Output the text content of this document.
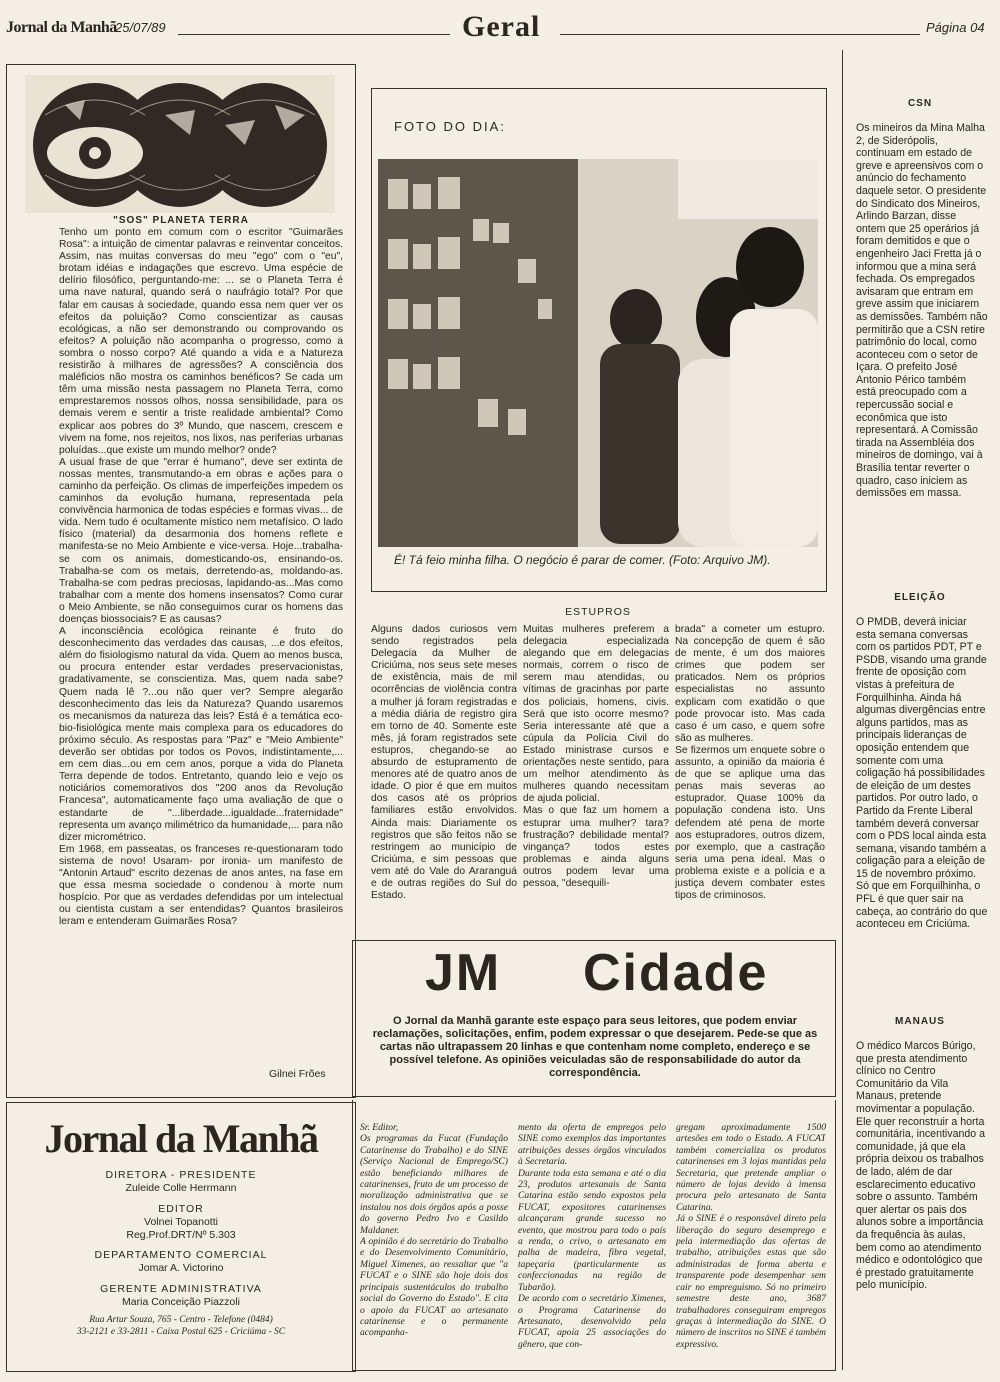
Jornal da Manhã
25/07/89	Geral	Página 04
"SOS" PLANETA TERRA
Tenho um ponto em comum com o escritor "Guimarães Rosa": a intuição de cimentar palavras e reinventar conceitos. Assim, nas muitas conversas do meu "ego" com o "eu", brotam idéias e indagações que escrevo. Uma espécie de delírio filosófico, perguntando-me: ... se o Planeta Terra é uma nave natural, quando será o naufrágio total? Por que falar em causas à sociedade, quando essa nem quer ver os efeitos da poluição? Como conscientizar as causas ecológicas, a não ser demonstrando ou comprovando os efeitos? A poluição não acompanha o progresso, como a sombra o nosso corpo? Até quando a vida e a Natureza resistirão à milhares de agressões? A consciência dos maléficios não mostra os caminhos benéficos? Se cada um têm uma missão nesta passagem no Planeta Terra, como emprestaremos nossos olhos, nossa sensibilidade, para os demais verem e sentir a triste realidade ambiental? Como explicar aos pobres do 3º Mundo, que nascem, crescem e vivem na fome, nos rejeitos, nos lixos, nas periferias urbanas poluídas...que existe um mundo melhor? onde?
A usual frase de que "errar é humano", deve ser extinta de nossas mentes, transmutando-a em obras e ações para o caminho da perfeição. Os climas de imperfeições impedem os caminhos da evolução humana, representada pela convivência harmonica de todas espécies e formas vivas... de vida. Nem tudo é ocultamente místico nem metafísico. O lado físico (material) da desarmonia dos homens reflete e manifesta-se no Meio Ambiente e vice-versa. Hoje...trabalha-se com os animais, domesticando-os, ensinando-os. Trabalha-se com os metais, derretendo-as, moldando-as. Trabalha-se com pedras preciosas, lapidando-as...Mas como trabalhar com a mente dos homens insensatos? Como curar o Meio Ambiente, se não conseguimos curar os homens das doenças biossociais? E as causas?
A inconsciência ecológica reinante é fruto do desconhecimento das verdades das causas, ...e dos efeitos, além do fisiologismo natural da vida. Quem ao menos busca, ou procura entender estar verdades preservacionistas, gradativamente, se conscientiza. Mas, quem nada sabe? Quem nada lê ?...ou não quer ver? Sempre alegarão desconhecimento das leis da Natureza? Quando usaremos os mecanismos da natureza das leis? Está é a temática eco-bio-fisiológica mente mais complexa para os educadores do próximo século. As respostas para "Paz" e "Meio Ambiente" deverão ser obtidas por todos os Povos, indistintamente,... em cem dias...ou em cem anos, porque a vida do Planeta Terra depende de todos. Entretanto, quando leio e vejo os noticiários comemorativos dos "200 anos da Revolução Francesa", automaticamente faço uma avaliação de que o estandarte de "...liberdade...igualdade...fraternidade" representa um avanço milimétrico da humanidade,... para não dizer micrométrico.
Em 1968, em passeatas, os franceses re-questionaram todo sistema de novo! Usaram- por ironia- um manifesto de "Antonin Artaud" escrito dezenas de anos antes, na fase em que essa mesma sociedade o condenou à morte num hospício. Por que as verdades defendidas por um intelectual ou cientista custam a ser entendidas? Quantos brasileiros leram e entenderam Guimarães Rosa?
Gilnei Frões
Jornal da Manhã
DIRETORA - PRESIDENTE
Zuleide Colle Herrmann
EDITOR
Volnei Topanotti
Reg.Prof.DRT/Nº 5.303
DEPARTAMENTO COMERCIAL
Jomar A. Victorino
GERENTE ADMINISTRATIVA
Maria Conceição Piazzoli
Rua Artur Souza, 765 - Centro - Telefone (0484)
33-2121 e 33-2811 - Caixa Postal 625 - Criciúma - SC
FOTO DO DIA:
É! Tá feio minha filha. O negócio é parar de comer. (Foto: Arquivo JM).
ESTUPROS
Alguns dados curiosos vem sendo registrados pela Delegacia da Mulher de Criciúma, nos seus sete meses de existência, mais de mil ocorrências de violência contra a mulher já foram registradas e a média diária de registro gira em torno de 40. Somente este mês, já foram registrados sete estupros, chegando-se ao absurdo de estupramento de menores até de quatro anos de idade. O pior é que em muitos dos casos até os próprios familiares estão envolvidos. Ainda mais: Diariamente os registros que são feitos não se restringem ao município de Criciúma, e sim pessoas que vem até do Vale do Araranguá e de outras regiões do Sul do Estado.
Muitas mulheres preferem a delegacia especializada alegando que em delegacias normais, correm o risco de serem mau atendidas, ou vítimas de gracinhas por parte dos policiais, homens, civis. Será que isto ocorre mesmo? Seria interessante até que a cúpula da Polícia Civil do Estado ministrase cursos e orientações neste sentido, para um melhor atendimento às mulheres quando necessitam de ajuda policial.
Mas o que faz um homem a estuprar uma mulher? tara? frustração? debilidade mental? vingança? todos estes problemas e ainda alguns outros podem levar uma pessoa, "desequili-
brada" a cometer um estupro. Na concepção de quem é são de mente, é um dos maiores crimes que podem ser praticados. Nem os próprios especialistas no assunto explicam com exatidão o que pode provocar isto. Mas cada caso é um caso, e quem sofre são as mulheres.
Se fizermos um enquete sobre o assunto, a opinião da maioria é de que se aplique uma das penas mais severas ao estuprador. Quase 100% da população condena isto. Uns defendem até pena de morte aos estupradores, outros dizem, por exemplo, que a castração seria uma pena ideal. Mas o problema existe e a polícia e a justiça devem combater estes tipos de criminosos.
JM Cidade
O Jornal da Manhã garante este espaço para seus leitores, que podem enviar reclamações, solicitações, enfim, podem expressar o que desejarem. Pede-se que as cartas não ultrapassem 20 linhas e que contenham nome completo, endereço e se possível telefone. As opiniões veiculadas são de responsabilidade do autor da correspondência.
Sr. Editor,
Os programas da Fucat (Fundação Catarinense do Trabalho) e do SINE (Serviço Nacional de Emprego/SC) estão beneficiando milhares de catarinenses, fruto de um processo de moralização administrativa que se instalou nos dois órgãos após a posse do governo Pedro Ivo e Casildo Maldaner.
A opinião é do secretário do Trabalho e do Desenvolvimento Comunitário, Miguel Ximenes, ao ressaltar que "a FUCAT e o SINE são hoje dois dos principais sustentáculos do trabalho social do Governo do Estado". E cita o apoio da FUCAT ao artesanato catarinense e o permanente acompanha-
mento da oferta de empregos pelo SINE como exemplos das importantes atribuições desses órgãos vinculados à Secretaria.
Durante toda esta semana e até o dia 23, produtos artesanais de Santa Catarina estão sendo expostos pela FUCAT, expositores catarinenses alcançaram grande sucesso no evento, que mostrou para todo o país a renda, o crivo, o artesanato em palha de madeira, fibra vegetal, tapeçaria (particularmente as confeccionadas na região de Tubarão).
De acordo com o secretário Ximenes, o Programa Catarinense do Artesanato, desenvolvido pela FUCAT, apoia 25 associações do gênero, que con-
gregam aproximadamente 1500 artesões em todo o Estado. A FUCAT também comercializa os produtos catarinenses em 3 lojas mantidas pela Secretaria, que pretende ampliar o número de lojas devido à imensa procura pelo artesanato de Santa Catarina.
Já o SINE é o responsável direto pela liberação do seguro desemprego e pela intermediação das ofertas de trabalho, atribuições estas que são administradas de forma aberta e transparente pode desempenhar sem cair no empreguismo. Só no primeiro semestre deste ano, 3687 trabalhadores conseguiram empregos graças à intermediação do SINE. O número de inscritos no SINE é também expressivo.
CSN
Os mineiros da Mina Malha 2, de Siderópolis, continuam em estado de greve e apreensivos com o anúncio do fechamento daquele setor. O presidente do Sindicato dos Mineiros, Arlindo Barzan, disse ontem que 25 operários já foram demitidos e que o engenheiro Jaci Fretta já o informou que a mina será fechada. Os empregados avisaram que entram em greve assim que iniciarem as demissões. Também não permitirão que a CSN retire patrimônio do local, como aconteceu com o setor de Içara. O prefeito José Antonio Périco também está preocupado com a repercussão social e econômica que isto representará. A Comissão tirada na Assembléia dos mineiros de domingo, vai à Brasília tentar reverter o quadro, caso iniciem as demissões em massa.
ELEIÇÃO
O PMDB, deverá iniciar esta semana conversas com os partidos PDT, PT e PSDB, visando uma grande frente de oposição com vistas à prefeitura de Forquilhinha. Ainda há algumas divergências entre alguns partidos, mas as principais lideranças de oposição entendem que somente com uma coligação há possibilidades de eleição de um destes partidos. Por outro lado, o Partido da Frente Liberal também deverá conversar com o PDS local ainda esta semana, visando também a coligação para a eleição de 15 de novembro próximo. Só que em Forquilhinha, o PFL é que quer sair na cabeça, ao contrário do que aconteceu em Criciúma.
MANAUS
O médico Marcos Búrigo, que presta atendimento clínico no Centro Comunitário da Vila Manaus, pretende movimentar a população. Ele quer reconstruir a horta comunitária, incentivando a comunidade, já que ela própria deixou os trabalhos de lado, além de dar esclarecimento educativo sobre o assunto. Também quer alertar os pais dos alunos sobre a importância da frequência às aulas, bem como ao atendimento médico e odontológico que é prestado gratuitamente pelo município.
